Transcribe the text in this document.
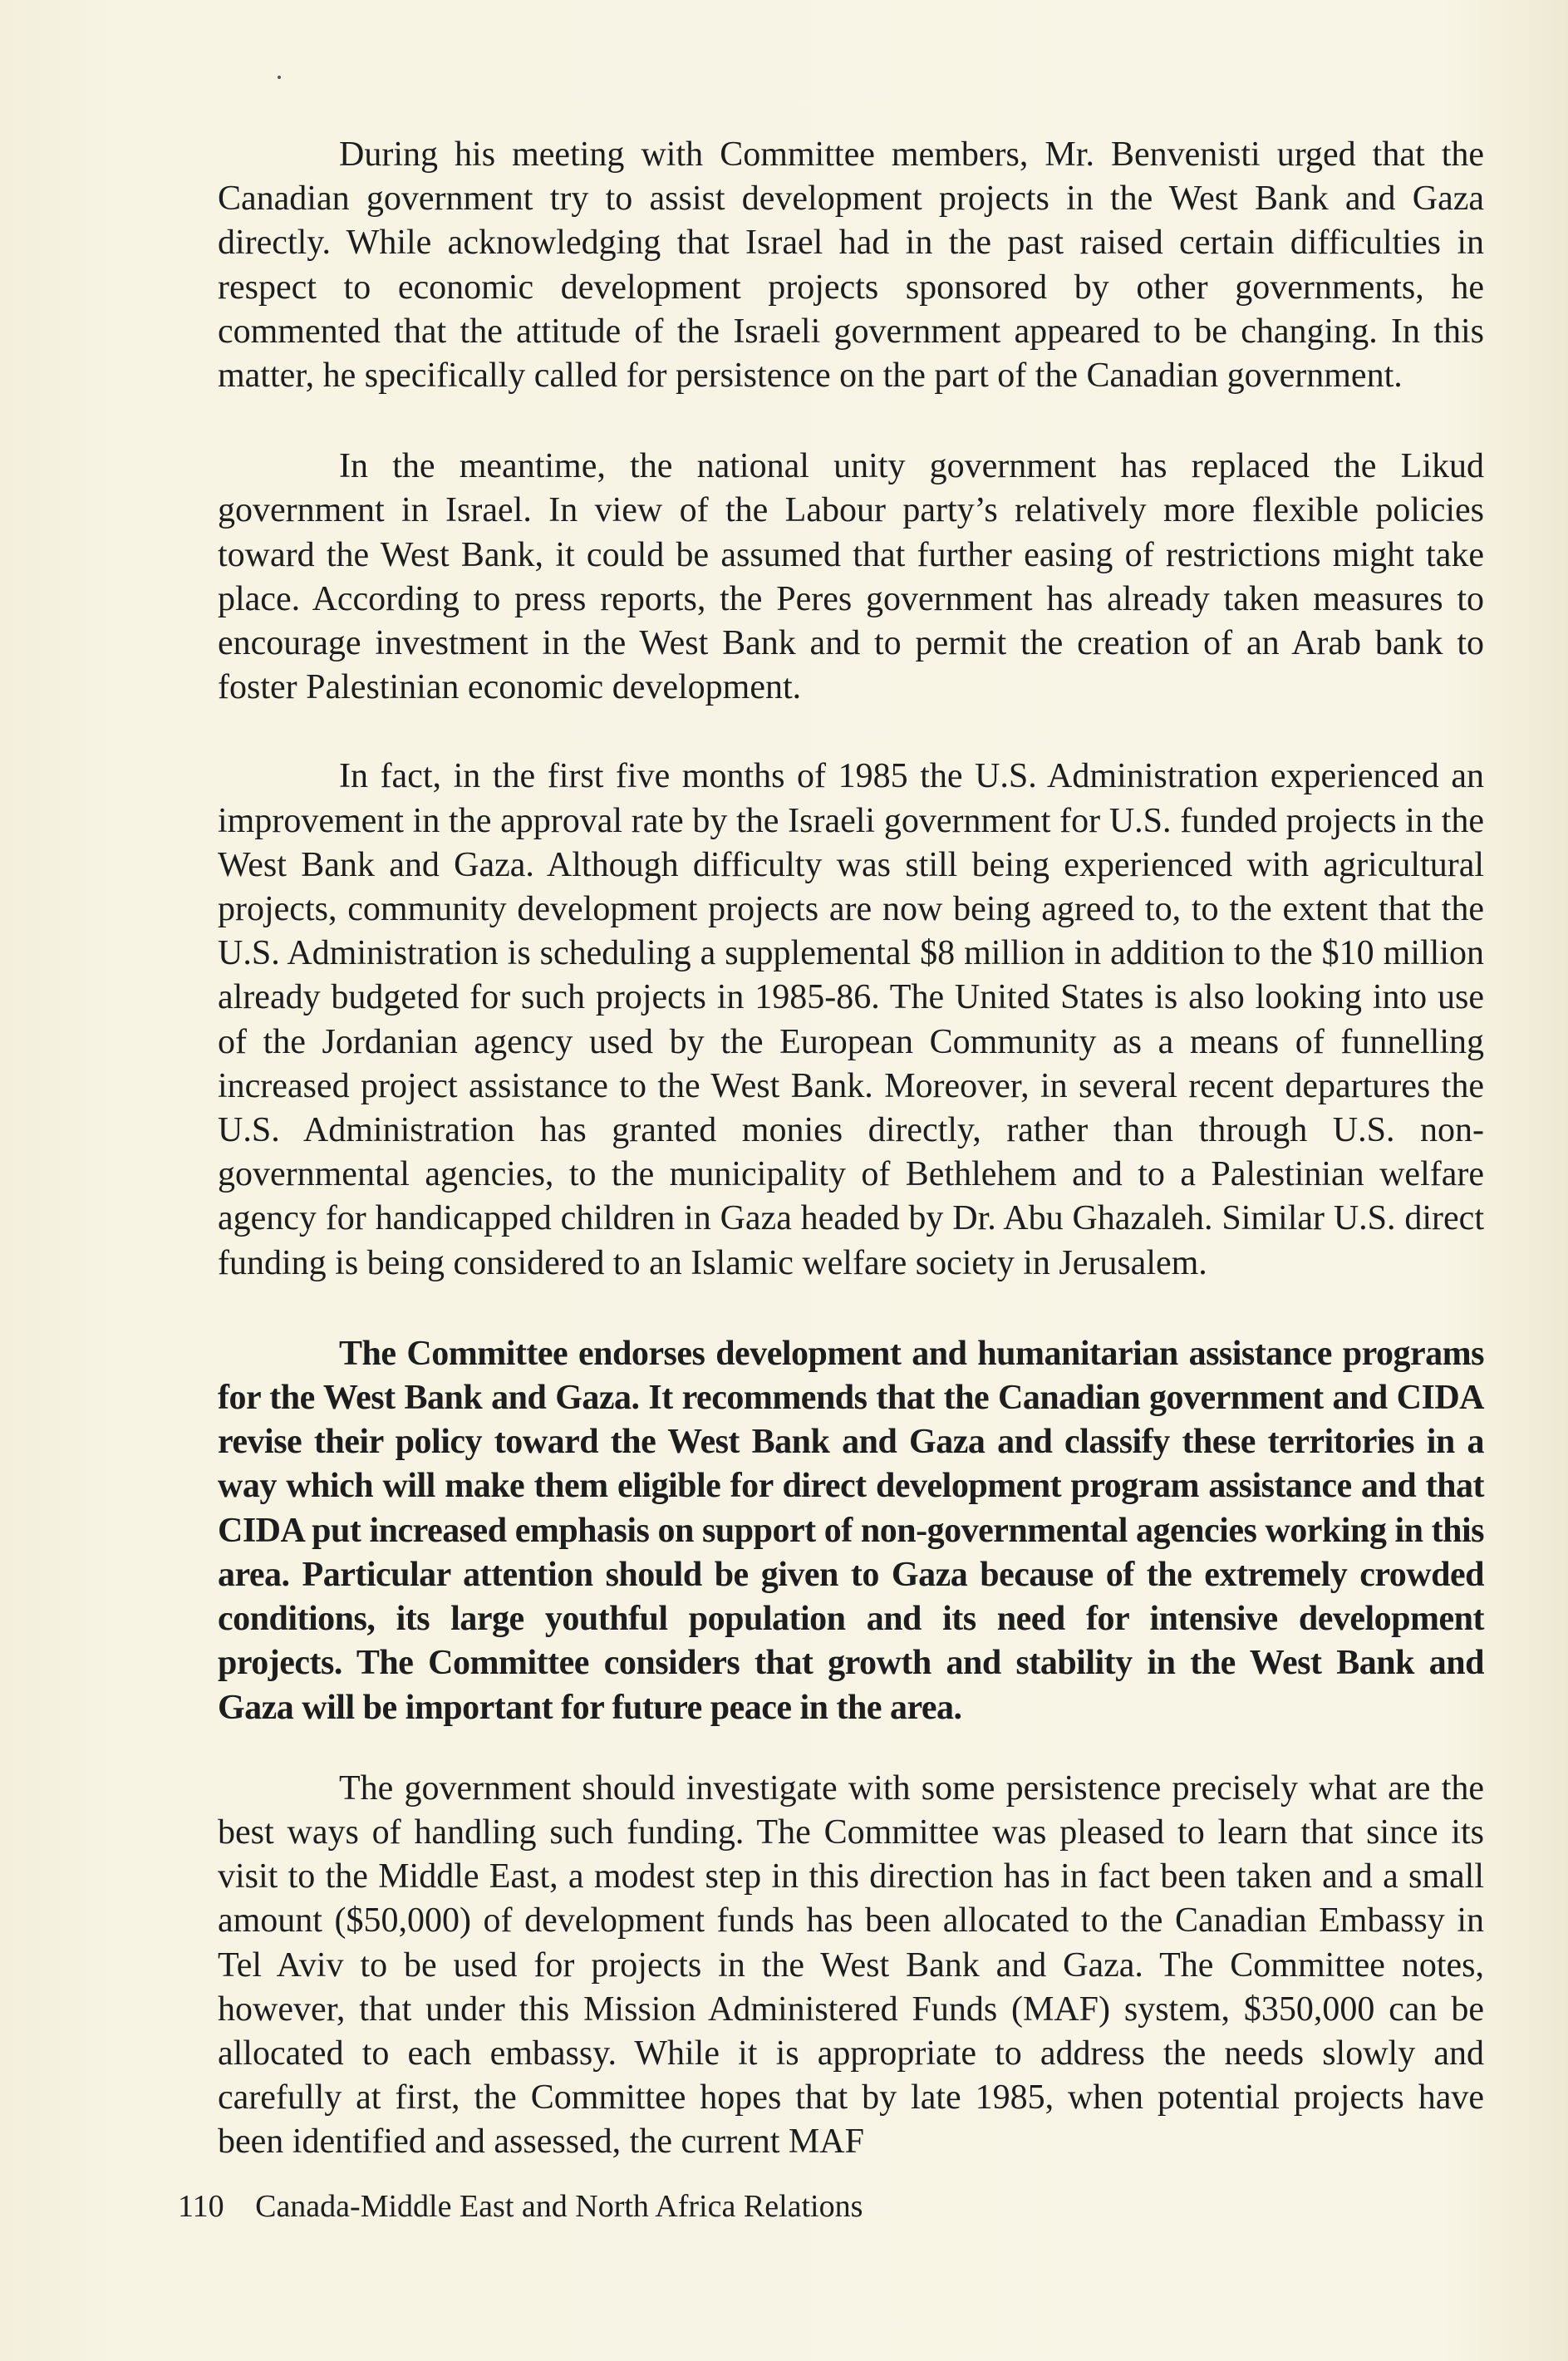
During his meeting with Committee members, Mr. Benvenisti urged that the Canadian government try to assist development projects in the West Bank and Gaza directly. While acknowledging that Israel had in the past raised certain difficulties in respect to economic development projects sponsored by other governments, he commented that the attitude of the Israeli government appeared to be changing. In this matter, he specifically called for persistence on the part of the Canadian government.

In the meantime, the national unity government has replaced the Likud government in Israel. In view of the Labour party’s relatively more flexible policies toward the West Bank, it could be assumed that further easing of restrictions might take place. According to press reports, the Peres government has already taken measures to encourage investment in the West Bank and to permit the creation of an Arab bank to foster Palestinian economic development.

In fact, in the first five months of 1985 the U.S. Administration experienced an improvement in the approval rate by the Israeli government for U.S. funded projects in the West Bank and Gaza. Although difficulty was still being experienced with agricultural projects, community development projects are now being agreed to, to the extent that the U.S. Administration is scheduling a supplemental $8 million in addition to the $10 million already budgeted for such projects in 1985-86. The United States is also looking into use of the Jordanian agency used by the European Community as a means of funnelling increased project assistance to the West Bank. Moreover, in several recent departures the U.S. Administration has granted monies directly, rather than through U.S. non-governmental agencies, to the municipality of Bethlehem and to a Palestinian welfare agency for handicapped children in Gaza headed by Dr. Abu Ghazaleh. Similar U.S. direct funding is being considered to an Islamic welfare society in Jerusalem.

The Committee endorses development and humanitarian assistance programs for the West Bank and Gaza. It recommends that the Canadian government and CIDA revise their policy toward the West Bank and Gaza and classify these territories in a way which will make them eligible for direct development program assistance and that CIDA put increased emphasis on support of non-governmental agencies working in this area. Particular attention should be given to Gaza because of the extremely crowded conditions, its large youthful population and its need for intensive development projects. The Committee considers that growth and stability in the West Bank and Gaza will be important for future peace in the area.

The government should investigate with some persistence precisely what are the best ways of handling such funding. The Committee was pleased to learn that since its visit to the Middle East, a modest step in this direction has in fact been taken and a small amount ($50,000) of development funds has been allocated to the Canadian Embassy in Tel Aviv to be used for projects in the West Bank and Gaza. The Committee notes, however, that under this Mission Administered Funds (MAF) system, $350,000 can be allocated to each embassy. While it is appropriate to address the needs slowly and carefully at first, the Committee hopes that by late 1985, when potential projects have been identified and assessed, the current MAF

110 Canada-Middle East and North Africa Relations
